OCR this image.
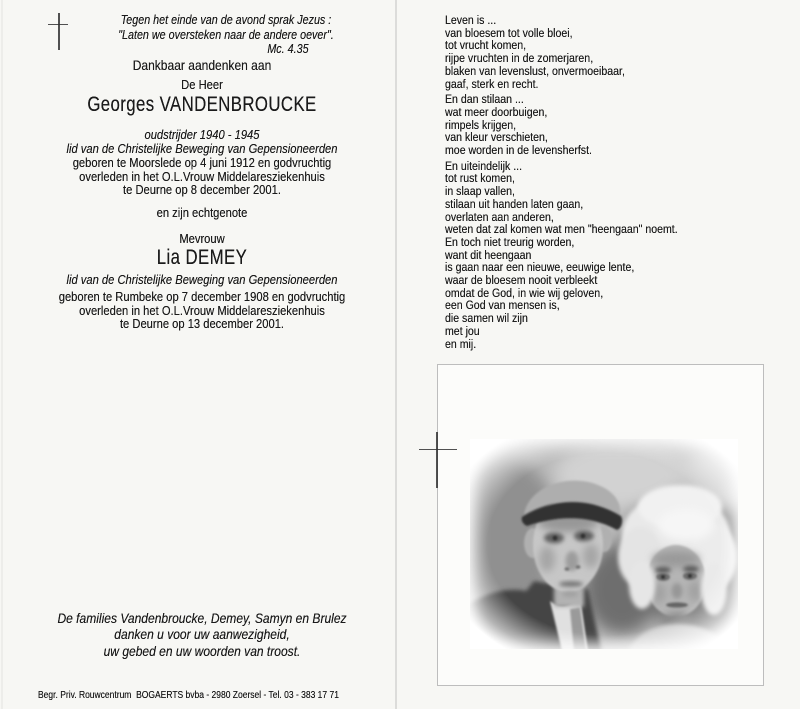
Tegen het einde van de avond sprak Jezus :
"Laten we oversteken naar de andere oever".
Mc. 4.35
Dankbaar aandenken aan
De Heer
Georges VANDENBROUCKE
oudstrijder 1940 - 1945
lid van de Christelijke Beweging van Gepensioneerden
geboren te Moorslede op 4 juni 1912 en godvruchtig
overleden in het O.L.Vrouw Middelaresziekenhuis
te Deurne op 8 december 2001.
en zijn echtgenote
Mevrouw
Lia DEMEY
lid van de Christelijke Beweging van Gepensioneerden
geboren te Rumbeke op 7 december 1908 en godvruchtig
overleden in het O.L.Vrouw Middelaresziekenhuis
te Deurne op 13 december 2001.
De families Vandenbroucke, Demey, Samyn en Brulez
danken u voor uw aanwezigheid,
uw gebed en uw woorden van troost.
Begr. Priv. Rouwcentrum  BOGAERTS bvba - 2980 Zoersel - Tel. 03 - 383 17 71
Leven is ...
van bloesem tot volle bloei,
tot vrucht komen,
rijpe vruchten in de zomerjaren,
blaken van levenslust, onvermoeibaar,
gaaf, sterk en recht.
En dan stilaan ...
wat meer doorbuigen,
rimpels krijgen,
van kleur verschieten,
moe worden in de levensherfst.
En uiteindelijk ...
tot rust komen,
in slaap vallen,
stilaan uit handen laten gaan,
overlaten aan anderen,
weten dat zal komen wat men "heengaan" noemt.
En toch niet treurig worden,
want dit heengaan
is gaan naar een nieuwe, eeuwige lente,
waar de bloesem nooit verbleekt
omdat de God, in wie wij geloven,
een God van mensen is,
die samen wil zijn
met jou
en mij.
